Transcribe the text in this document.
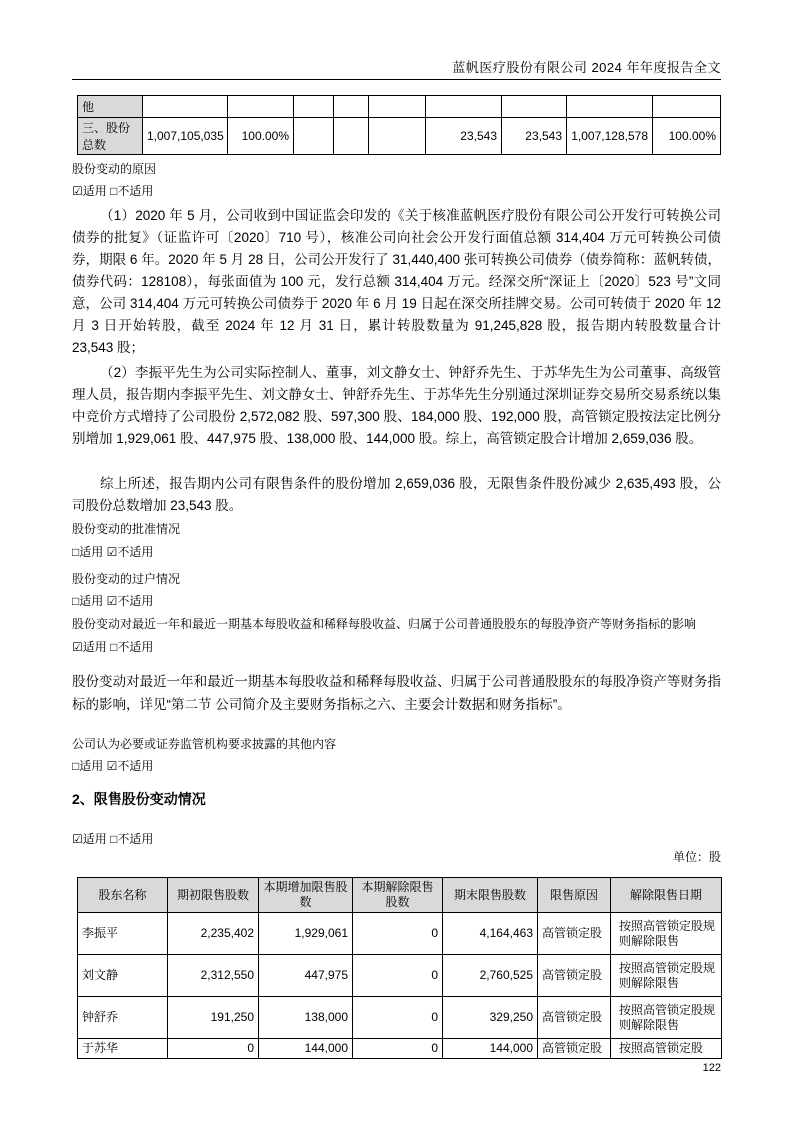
蓝帆医疗股份有限公司 2024 年年度报告全文
他									
三、股份总数	1,007,105,035	100.00%				23,543	23,543	1,007,128,578	100.00%
股份变动的原因
☑适用 □不适用
（1）2020 年 5 月，公司收到中国证监会印发的《关于核准蓝帆医疗股份有限公司公开发行可转换公司债券的批复》（证监许可〔2020〕710 号），核准公司向社会公开发行面值总额 314,404 万元可转换公司债券，期限 6 年。2020 年 5 月 28 日，公司公开发行了 31,440,400 张可转换公司债券（债券简称：蓝帆转债，债券代码：128108），每张面值为 100 元，发行总额 314,404 万元。经深交所“深证上〔2020〕523 号”文同意，公司 314,404 万元可转换公司债券于 2020 年 6 月 19 日起在深交所挂牌交易。公司可转债于 2020 年 12 月 3 日开始转股，截至 2024 年 12 月 31 日，累计转股数量为 91,245,828 股，报告期内转股数量合计 23,543 股；
（2）李振平先生为公司实际控制人、董事，刘文静女士、钟舒乔先生、于苏华先生为公司董事、高级管理人员，报告期内李振平先生、刘文静女士、钟舒乔先生、于苏华先生分别通过深圳证券交易所交易系统以集中竞价方式增持了公司股份 2,572,082 股、597,300 股、184,000 股、192,000 股，高管锁定股按法定比例分别增加 1,929,061 股、447,975 股、138,000 股、144,000 股。综上，高管锁定股合计增加 2,659,036 股。
综上所述，报告期内公司有限售条件的股份增加 2,659,036 股，无限售条件股份减少 2,635,493 股，公司股份总数增加 23,543 股。
股份变动的批准情况
□适用 ☑不适用
股份变动的过户情况
□适用 ☑不适用
股份变动对最近一年和最近一期基本每股收益和稀释每股收益、归属于公司普通股股东的每股净资产等财务指标的影响
☑适用 □不适用
股份变动对最近一年和最近一期基本每股收益和稀释每股收益、归属于公司普通股股东的每股净资产等财务指标的影响，详见“第二节 公司简介及主要财务指标之六、主要会计数据和财务指标”。
公司认为必要或证券监管机构要求披露的其他内容
□适用 ☑不适用
2、限售股份变动情况
☑适用 □不适用
单位：股
股东名称	期初限售股数	本期增加限售股数	本期解除限售股数	期末限售股数	限售原因	解除限售日期
李振平	2,235,402	1,929,061	0	4,164,463	高管锁定股	按照高管锁定股规则解除限售
刘文静	2,312,550	447,975	0	2,760,525	高管锁定股	按照高管锁定股规则解除限售
钟舒乔	191,250	138,000	0	329,250	高管锁定股	按照高管锁定股规则解除限售
于苏华	0	144,000	0	144,000	高管锁定股	按照高管锁定股
122
